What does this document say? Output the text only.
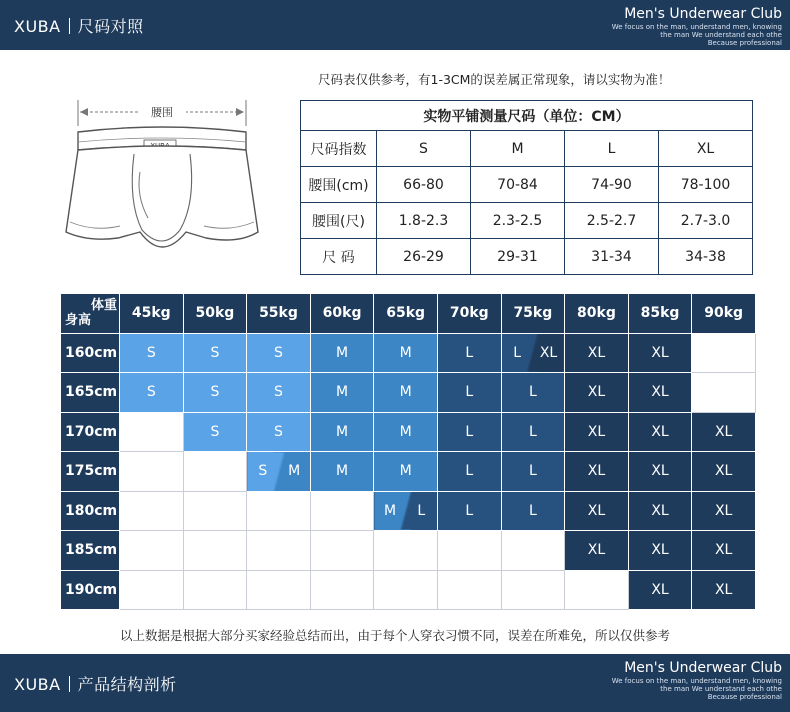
XUBA 尺码对照
Men's Underwear Club
We focus on the man, understand men, knowing
the man We understand each othe
Because professional
尺码表仅供参考，有1-3CM的误差属正常现象，请以实物为准！
腰围	实物平铺测量尺码（单位：CM）				
尺码指数	S	M	L	XL
腰围(cm)	66-80	70-84	74-90	78-100
腰围(尺)	1.8-2.3	2.3-2.5	2.5-2.7	2.7-3.0
尺 码	26-29	29-31	31-34	34-38
体重
身高	45kg	50kg	55kg	60kg	65kg	70kg	75kg	80kg	85kg	90kg
160cm	S	S	S	M	M	L	L XL	XL	XL	
165cm	S	S	S	M	M	L	L	XL	XL	
170cm		S	S	M	M	L	L	XL	XL	XL
175cm			S M	M	M	L	L	XL	XL	XL
180cm					M L	L	L	XL	XL	XL
185cm								XL	XL	XL
190cm									XL	XL
以上数据是根据大部分买家经验总结而出，由于每个人穿衣习惯不同，误差在所难免，所以仅供参考
XUBA 产品结构剖析
Men's Underwear Club
We focus on the man, understand men, knowing
the man We understand each othe
Because professional
